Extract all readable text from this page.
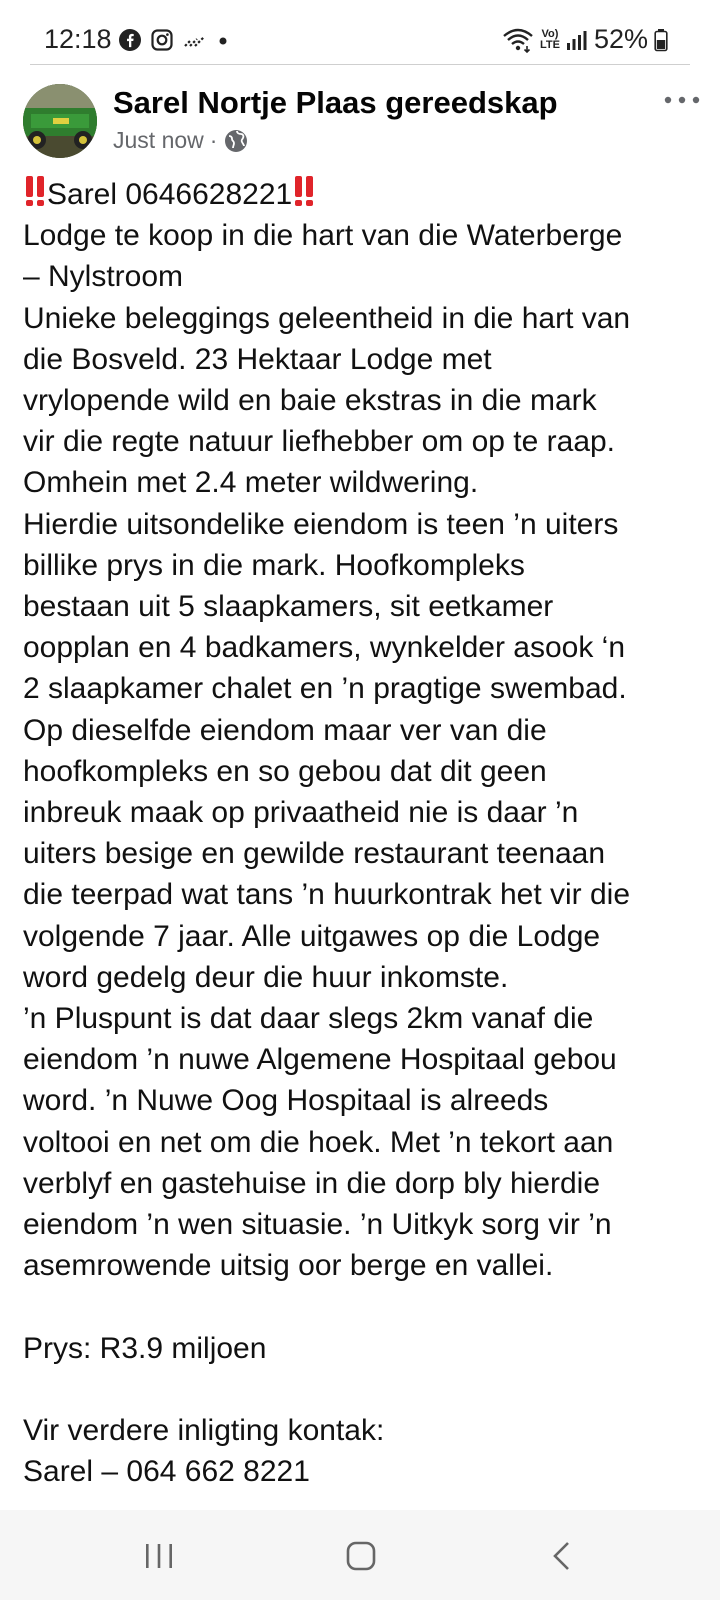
12:18	Vo)
LTE 52%
Sarel Nortje Plaas gereedskap
Just now ·
Sarel 0646628221
Lodge te koop in die hart van die Waterberge
– Nylstroom
Unieke beleggings geleentheid in die hart van
die Bosveld. 23 Hektaar Lodge met
vrylopende wild en baie ekstras in die mark
vir die regte natuur liefhebber om op te raap.
Omhein met 2.4 meter wildwering.
Hierdie uitsondelike eiendom is teen ’n uiters
billike prys in die mark. Hoofkompleks
bestaan uit 5 slaapkamers, sit eetkamer
oopplan en 4 badkamers, wynkelder asook ‘n
2 slaapkamer chalet en ’n pragtige swembad.
Op dieselfde eiendom maar ver van die
hoofkompleks en so gebou dat dit geen
inbreuk maak op privaatheid nie is daar ’n
uiters besige en gewilde restaurant teenaan
die teerpad wat tans ’n huurkontrak het vir die
volgende 7 jaar. Alle uitgawes op die Lodge
word gedelg deur die huur inkomste.
’n Pluspunt is dat daar slegs 2km vanaf die
eiendom ’n nuwe Algemene Hospitaal gebou
word. ’n Nuwe Oog Hospitaal is alreeds
voltooi en net om die hoek. Met ’n tekort aan
verblyf en gastehuise in die dorp bly hierdie
eiendom ’n wen situasie. ’n Uitkyk sorg vir ’n
asemrowende uitsig oor berge en vallei.
Prys: R3.9 miljoen
Vir verdere inligting kontak:
Sarel – 064 662 8221
